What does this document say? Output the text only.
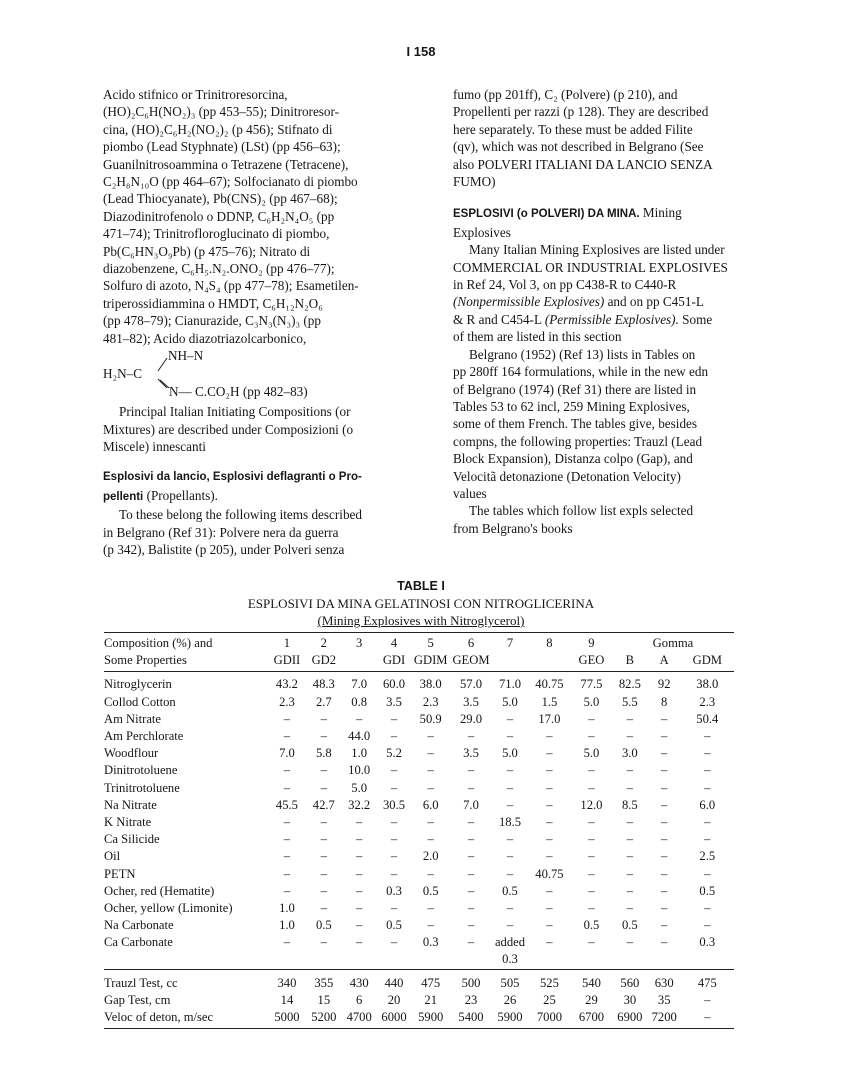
I 158

Acido stifnico or Trinitroresorcina,

(HO)₂C₆H(NO₂)₃ (pp 453–55); Dinitroresor-

cina, (HO)₂C₆H₂(NO₂)₂ (p 456); Stifnato di

piombo (Lead Styphnate) (LSt) (pp 456–63);

Guanilnitrosoammina o Tetrazene (Tetracene),

C₂H₈N₁₀O (pp 464–67); Solfocianato di piombo

(Lead Thiocyanate), Pb(CNS)₂ (pp 467–68);

Diazodinitrofenolo o DDNP, C₆H₂N₄O₅ (pp

471–74); Trinitrofloroglucinato di piombo,

Pb(C₆HN₃O₉Pb) (p 475–76); Nitrato di

diazobenzene, C₆H₅.N₂.ONO₂ (pp 476–77);

Solfuro di azoto, N₄S₄ (pp 477–78); Esametilen-

triperossidiammina o HMDT, C₆H₁₂N₂O₆

(pp 478–79); Cianurazide, C₃N₃(N₃)₃ (pp

481–82); Acido diazotriazolcarbonico,

NH–N
H₂N–C
N— C.CO₂H (pp 482–83)

Principal Italian Initiating Compositions (or

Mixtures) are described under Composizioni (o

Miscele) innescanti

Esplosivi da lancio, Esplosivi deflagranti o Pro-

pellenti (Propellants).

To these belong the following items described

in Belgrano (Ref 31): Polvere nera da guerra

(p 342), Balistite (p 205), under Polveri senza

fumo (pp 201ff), C₂ (Polvere) (p 210), and

Propellenti per razzi (p 128). They are described

here separately. To these must be added Filite

(qv), which was not described in Belgrano (See

also POLVERI ITALIANI DA LANCIO SENZA

FUMO)

ESPLOSIVI (o POLVERI) DA MINA. Mining

Explosives

Many Italian Mining Explosives are listed under

COMMERCIAL OR INDUSTRIAL EXPLOSIVES

in Ref 24, Vol 3, on pp C438-R to C440-R

(Nonpermissible Explosives) and on pp C451-L

& R and C454-L (Permissible Explosives). Some

of them are listed in this section

Belgrano (1952) (Ref 13) lists in Tables on

pp 280ff 164 formulations, while in the new edn

of Belgrano (1974) (Ref 31) there are listed in

Tables 53 to 62 incl, 259 Mining Explosives,

some of them French. The tables give, besides

compns, the following properties: Trauzl (Lead

Block Expansion), Distanza colpo (Gap), and

Velocitã detonazione (Detonation Velocity)

values

The tables which follow list expls selected

from Belgrano's books

TABLE I
ESPLOSIVI DA MINA GELATINOSI CON NITROGLICERINA
(Mining Explosives with Nitroglycerol)
Composition (%) and	1	2	3	4	5	6	7	8	9	Gomma		
Some Properties	GDII	GD2		GDI	GDIM	GEOM			GEO	B	A	GDM
Nitroglycerin	43.2	48.3	7.0	60.0	38.0	57.0	71.0	40.75	77.5	82.5	92	38.0
Collod Cotton	2.3	2.7	0.8	3.5	2.3	3.5	5.0	1.5	5.0	5.5	8	2.3
Am Nitrate	–	–	–	–	50.9	29.0	–	17.0	–	–	–	50.4
Am Perchlorate	–	–	44.0	–	–	–	–	–	–	–	–	–
Woodflour	7.0	5.8	1.0	5.2	–	3.5	5.0	–	5.0	3.0	–	–
Dinitrotoluene	–	–	10.0	–	–	–	–	–	–	–	–	–
Trinitrotoluene	–	–	5.0	–	–	–	–	–	–	–	–	–
Na Nitrate	45.5	42.7	32.2	30.5	6.0	7.0	–	–	12.0	8.5	–	6.0
K Nitrate	–	–	–	–	–	–	18.5	–	–	–	–	–
Ca Silicide	–	–	–	–	–	–	–	–	–	–	–	–
Oil	–	–	–	–	2.0	–	–	–	–	–	–	2.5
PETN	–	–	–	–	–	–	–	40.75	–	–	–	–
Ocher, red (Hematite)	–	–	–	0.3	0.5	–	0.5	–	–	–	–	0.5
Ocher, yellow (Limonite)	1.0	–	–	–	–	–	–	–	–	–	–	–
Na Carbonate	1.0	0.5	–	0.5	–	–	–	–	0.5	0.5	–	–
Ca Carbonate	–	–	–	–	0.3	–	added	–	–	–	–	0.3
							0.3					
Trauzl Test, cc	340	355	430	440	475	500	505	525	540	560	630	475
Gap Test, cm	14	15	6	20	21	23	26	25	29	30	35	–
Veloc of deton, m/sec	5000	5200	4700	6000	5900	5400	5900	7000	6700	6900	7200	–
